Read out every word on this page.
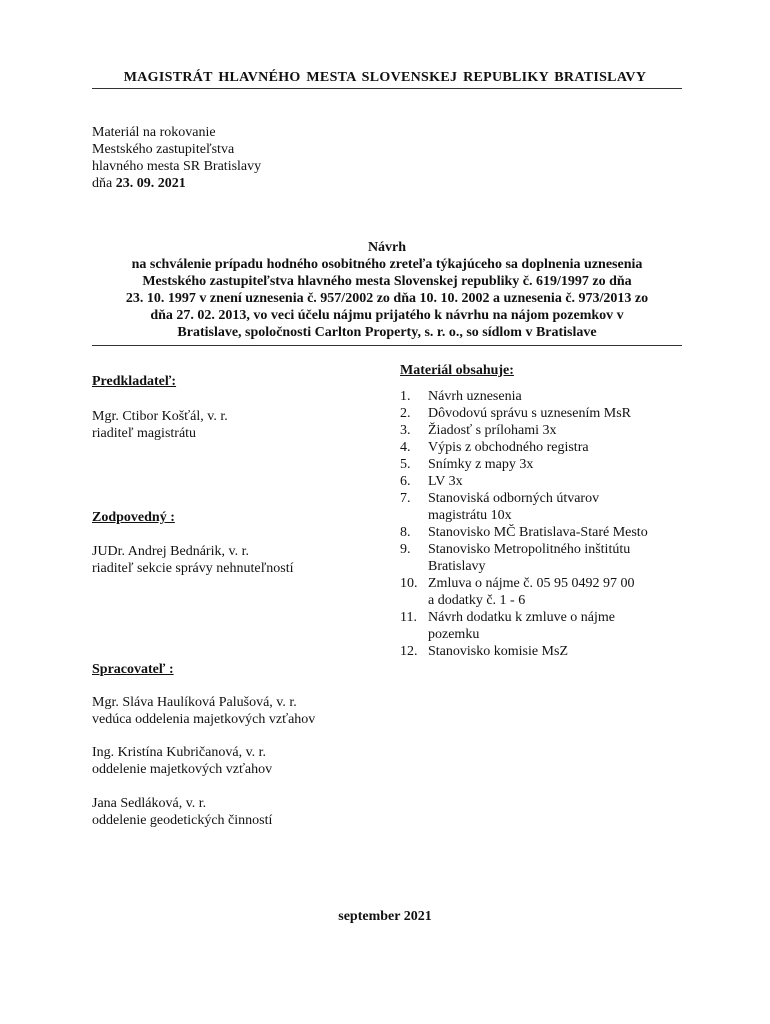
MAGISTRÁT HLAVNÉHO MESTA SLOVENSKEJ REPUBLIKY BRATISLAVY
Materiál na rokovanie
Mestského zastupiteľstva
hlavného mesta SR Bratislavy
dňa 23. 09. 2021
Návrh
na schválenie prípadu hodného osobitného zreteľa týkajúceho sa doplnenia uznesenia
Mestského zastupiteľstva hlavného mesta Slovenskej republiky č. 619/1997 zo dňa
23. 10. 1997 v znení uznesenia č. 957/2002 zo dňa 10. 10. 2002 a uznesenia č. 973/2013 zo
dňa 27. 02. 2013, vo veci účelu nájmu prijatého k návrhu na nájom pozemkov v
Bratislave, spoločnosti Carlton Property, s. r. o., so sídlom v Bratislave
Predkladateľ:
Mgr. Ctibor Košťál, v. r.
riaditeľ magistrátu
Zodpovedný :
JUDr. Andrej Bednárik, v. r.
riaditeľ sekcie správy nehnuteľností
Spracovateľ :
Mgr. Sláva Haulíková Palušová, v. r.
vedúca oddelenia majetkových vzťahov
Ing. Kristína Kubričanová, v. r.
oddelenie majetkových vzťahov
Jana Sedláková, v. r.
oddelenie geodetických činností
Materiál obsahuje:
1.	Návrh uznesenia
2.	Dôvodovú správu s uznesením MsR
3.	Žiadosť s prílohami 3x
4.	Výpis z obchodného registra
5.	Snímky z mapy 3x
6.	LV 3x
7.	Stanoviská odborných útvarov
magistrátu 10x
8.	Stanovisko MČ Bratislava-Staré Mesto
9.	Stanovisko Metropolitného inštitútu
Bratislavy
10. Zmluva o nájme č. 05 95 0492 97 00
a dodatky č. 1 - 6
11. Návrh dodatku k zmluve o nájme
pozemku
12. Stanovisko komisie MsZ
september 2021
